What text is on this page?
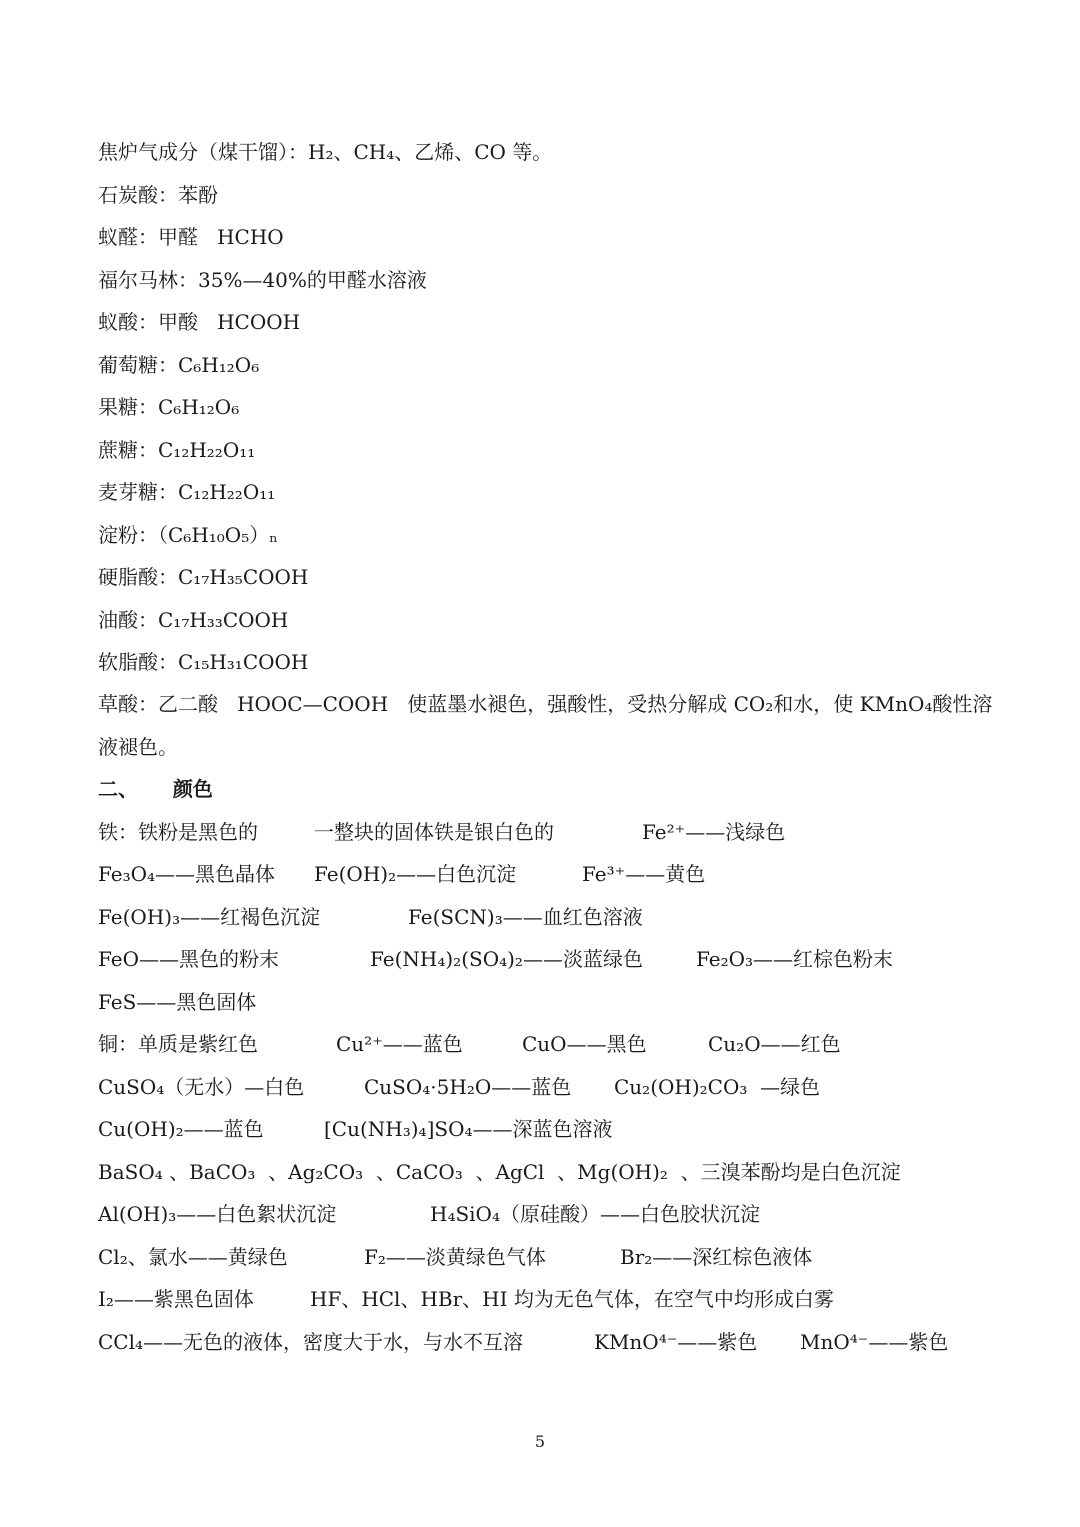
焦炉气成分（煤干馏）：H₂、CH₄、乙烯、CO 等。
石炭酸：苯酚
蚁醛：甲醛   HCHO
福尔马林：35%—40%的甲醛水溶液
蚁酸：甲酸   HCOOH
葡萄糖：C₆H₁₂O₆
果糖：C₆H₁₂O₆
蔗糖：C₁₂H₂₂O₁₁
麦芽糖：C₁₂H₂₂O₁₁
淀粉：（C₆H₁₀O₅）ₙ
硬脂酸：C₁₇H₃₅COOH
油酸：C₁₇H₃₃COOH
软脂酸：C₁₅H₃₁COOH
草酸：乙二酸   HOOC—COOH   使蓝墨水褪色，强酸性，受热分解成 CO₂和水，使 KMnO₄酸性溶
液褪色。
二、     颜色
铁：铁粉是黑色的	一整块的固体铁是银白色的	Fe²⁺——浅绿色
Fe₃O₄——黑色晶体 Fe(OH)₂——白色沉淀	Fe³⁺——黄色
Fe(OH)₃——红褐色沉淀	Fe(SCN)₃——血红色溶液
FeO——黑色的粉末	Fe(NH₄)₂(SO₄)₂——淡蓝绿色	Fe₂O₃——红棕色粉末
FeS——黑色固体
铜：单质是紫红色	Cu²⁺——蓝色	CuO——黑色	Cu₂O——红色
CuSO₄（无水）—白色	CuSO₄·5H₂O——蓝色 Cu₂(OH)₂CO₃  —绿色
Cu(OH)₂——蓝色	[Cu(NH₃)₄]SO₄——深蓝色溶液
BaSO₄ 、BaCO₃  、Ag₂CO₃  、CaCO₃  、AgCl  、Mg(OH)₂  、三溴苯酚均是白色沉淀
Al(OH)₃——白色絮状沉淀	H₄SiO₄（原硅酸）——白色胶状沉淀
Cl₂、氯水——黄绿色	F₂——淡黄绿色气体	Br₂——深红棕色液体
I₂——紫黑色固体	HF、HCl、HBr、HI 均为无色气体，在空气中均形成白雾
CCl₄——无色的液体，密度大于水，与水不互溶	KMnO⁴⁻——紫色 MnO⁴⁻——紫色
5
